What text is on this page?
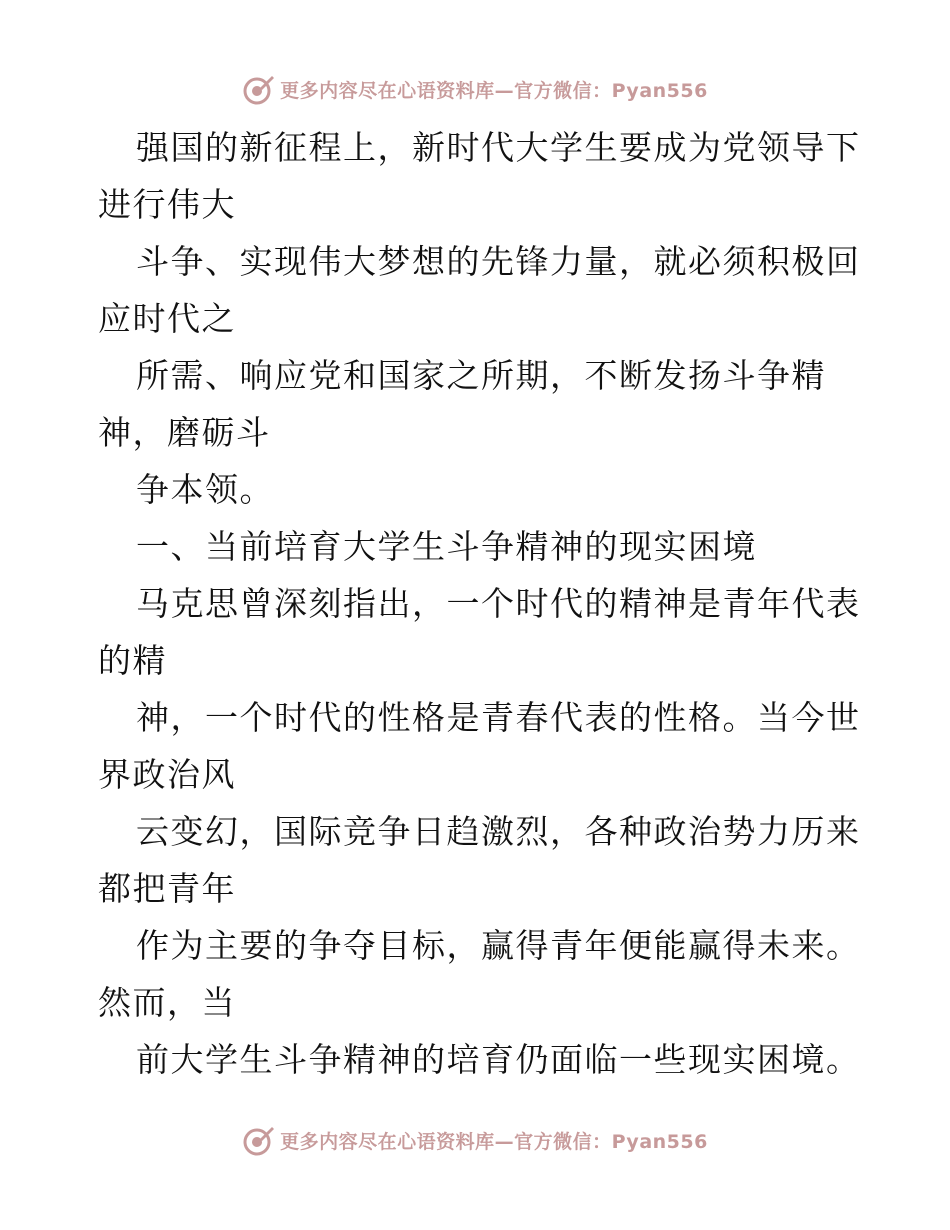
更多内容尽在心语资料库—官方微信：Pyan556
强国的新征程上，新时代大学生要成为党领导下
进行伟大
斗争、实现伟大梦想的先锋力量，就必须积极回
应时代之
所需、响应党和国家之所期，不断发扬斗争精
神，磨砺斗
争本领。
一、当前培育大学生斗争精神的现实困境
马克思曾深刻指出，一个时代的精神是青年代表
的精
神，一个时代的性格是青春代表的性格。当今世
界政治风
云变幻，国际竞争日趋激烈，各种政治势力历来
都把青年
作为主要的争夺目标，赢得青年便能赢得未来。
然而，当
前大学生斗争精神的培育仍面临一些现实困境。
更多内容尽在心语资料库—官方微信：Pyan556
